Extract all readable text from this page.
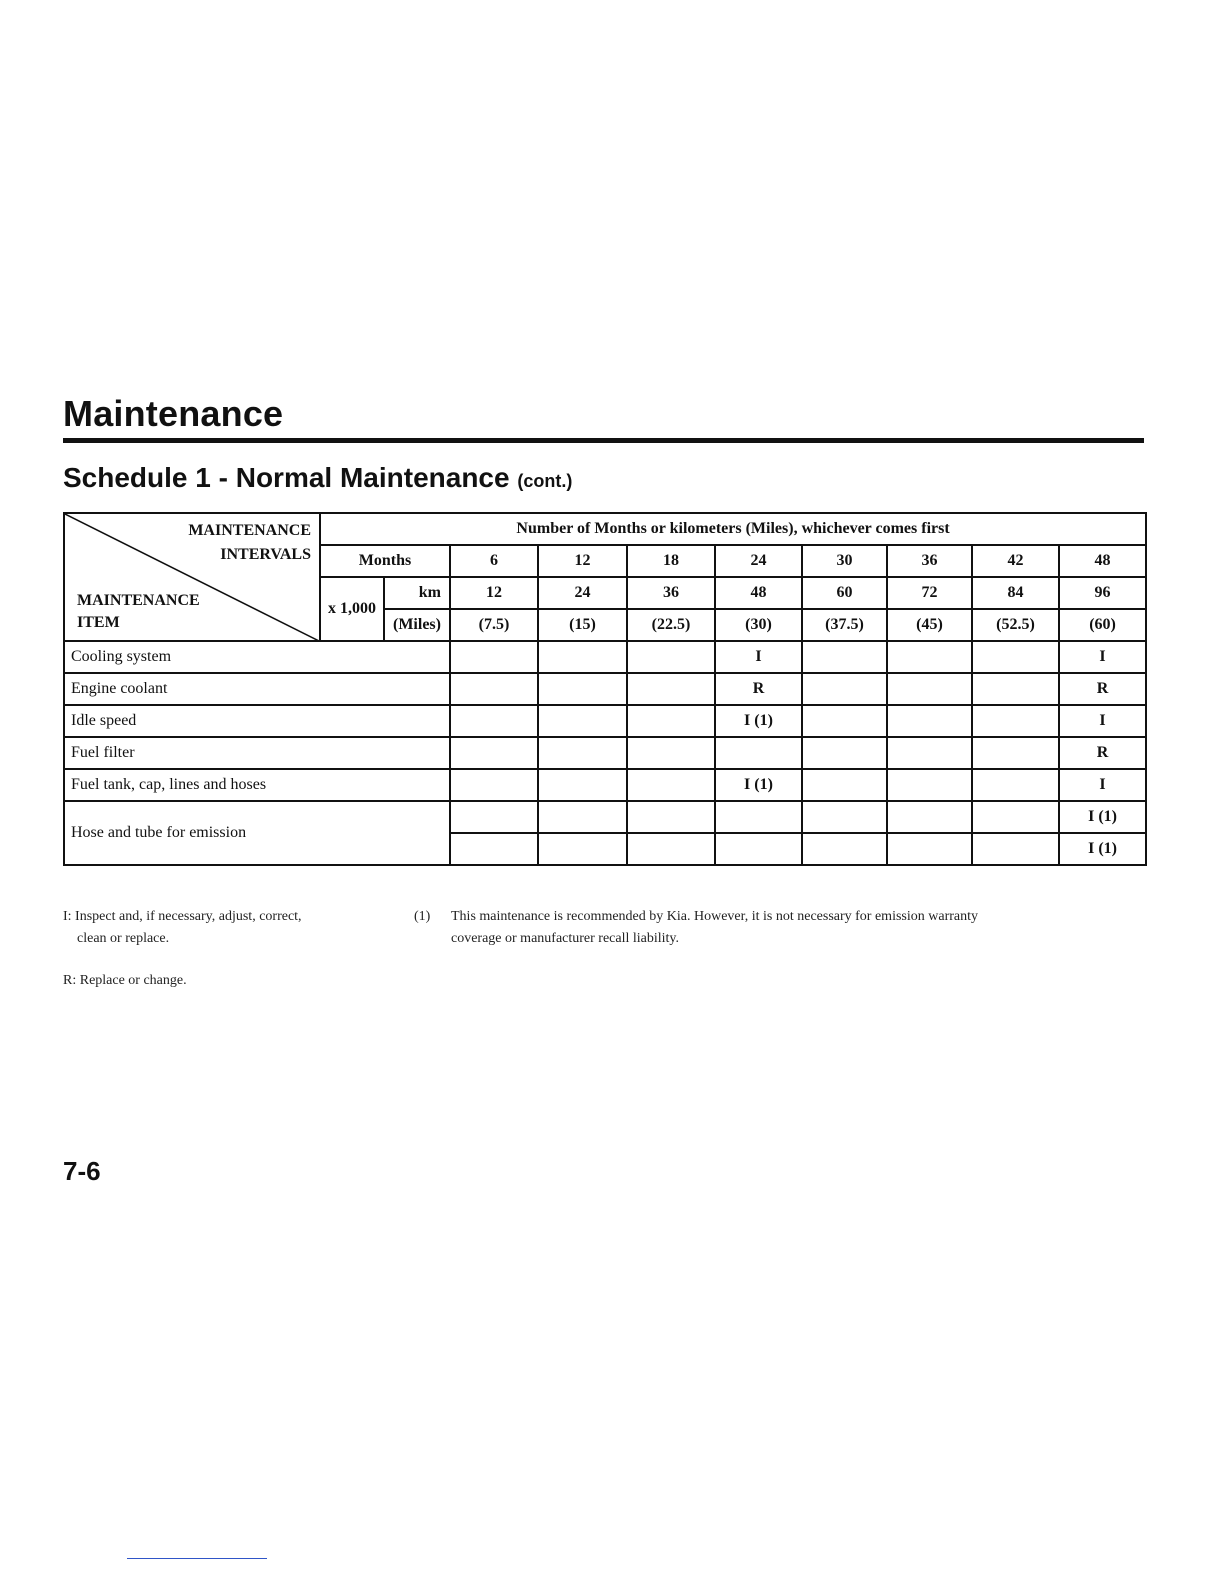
Maintenance
Schedule 1 - Normal Maintenance (cont.)
MAINTENANCE
INTERVALS
MAINTENANCE
ITEM	Number of Months or kilometers (Miles), whichever comes first									
	Months		6	12	18	24	30	36	42	48
	x 1,000	km	12	24	36	48	60	72	84	96
		(Miles)	(7.5)	(15)	(22.5)	(30)	(37.5)	(45)	(52.5)	(60)
Cooling system						I				I
Engine coolant						R				R
Idle speed						I (1)				I
Fuel filter										R
Fuel tank, cap, lines and hoses						I (1)				I
Hose and tube for emission										I (1)
										I (1)
I: Inspect and, if necessary, adjust, correct,
clean or replace.
R: Replace or change.
(1) This maintenance is recommended by Kia. However, it is not necessary for emission warranty coverage or manufacturer recall liability.
7-6
